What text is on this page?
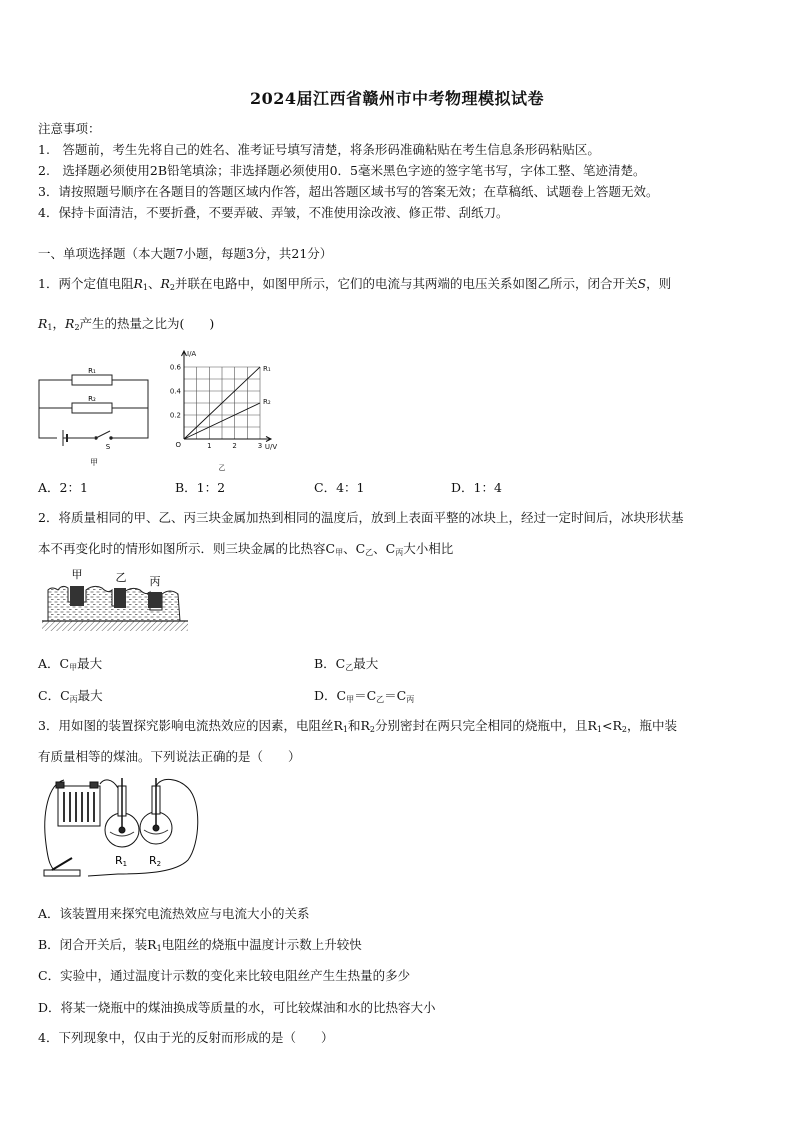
2024届江西省赣州市中考物理模拟试卷
注意事项：
1.　答题前，考生先将自己的姓名、准考证号填写清楚，将条形码准确粘贴在考生信息条形码粘贴区。
2.　选择题必须使用2B铅笔填涂；非选择题必须使用0．5毫米黑色字迹的签字笔书写，字体工整、笔迹清楚。
3．请按照题号顺序在各题目的答题区域内作答，超出答题区域书写的答案无效；在草稿纸、试题卷上答题无效。
4．保持卡面清洁，不要折叠，不要弄破、弄皱，不准使用涂改液、修正带、刮纸刀。
一、单项选择题（本大题7小题，每题3分，共21分）
1．两个定值电阻$R_1$、$R_2$并联在电路中，如图甲所示，它们的电流与其两端的电压关系如图乙所示，闭合开关S，则
$R_1$，$R_2$产生的热量之比为(　　)
R₁
R₂
S
甲
I/A
U/V
O
0.2
0.4
0.6
1	2	3
R₁
R₂
乙
A．2：1	B．1：2	C．4：1	D．1：4
2．将质量相同的甲、乙、丙三块金属加热到相同的温度后，放到上表面平整的冰块上，经过一定时间后，冰块形状基
本不再变化时的情形如图所示．则三块金属的比热容$C_甲$、$C_乙$、$C_丙$大小相比
甲	乙 丙
A．$C_甲$最大	B．$C_乙$最大
C．$C_丙$最大	D．$C_甲=C_乙=C_丙$
3．用如图的装置探究影响电流热效应的因素，电阻丝$R_1$和$R_2$分别密封在两只完全相同的烧瓶中，且$R_1<R_2$，瓶中装
有质量相等的煤油。下列说法正确的是（　　）
R1 R2
A．该装置用来探究电流热效应与电流大小的关系
B．闭合开关后，装$R_1$电阻丝的烧瓶中温度计示数上升较快
C．实验中，通过温度计示数的变化来比较电阻丝产生生热量的多少
D．将某一烧瓶中的煤油换成等质量的水，可比较煤油和水的比热容大小
4．下列现象中，仅由于光的反射而形成的是（　　）
